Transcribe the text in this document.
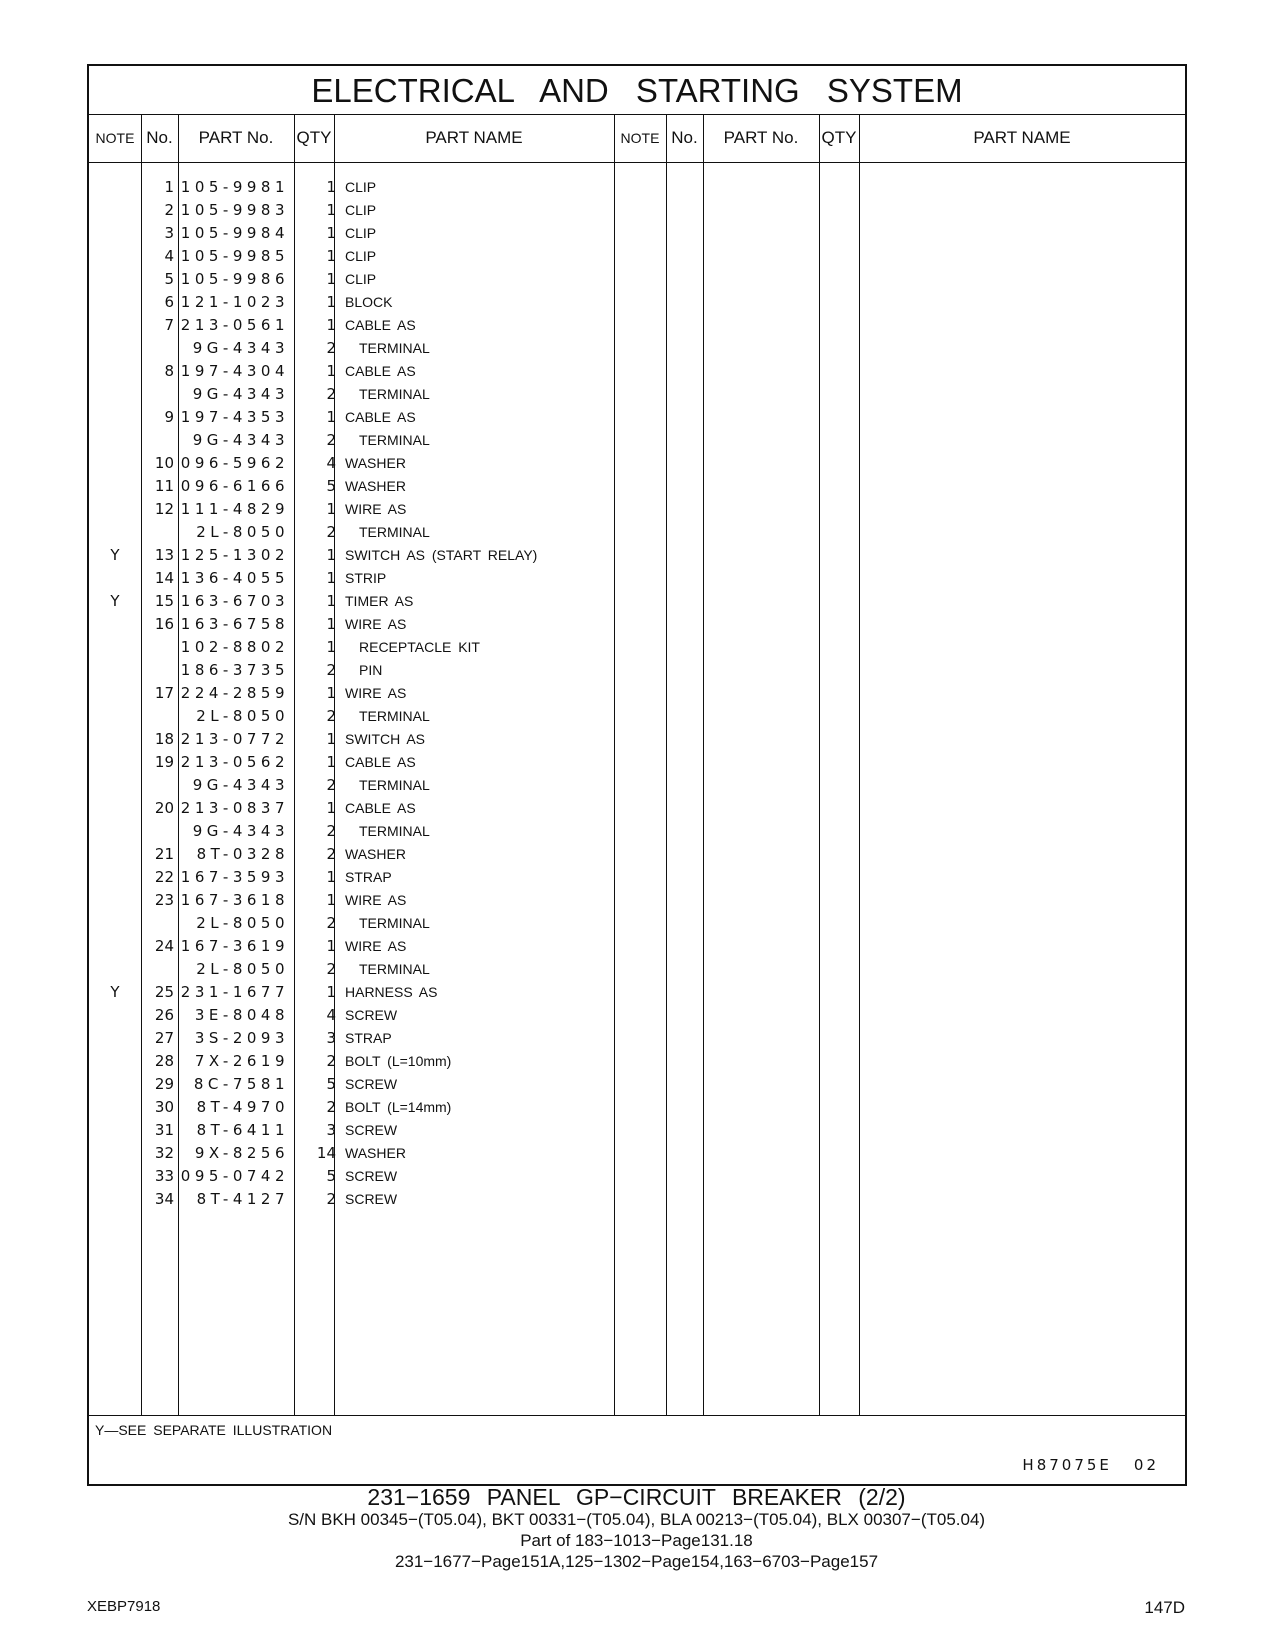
ELECTRICAL AND STARTING SYSTEM
NOTE No.	PART No.	QTY	PART NAME	NOTE No.	PART No.	QTY	PART NAME
1 105-9981	1 CLIP
2 105-9983	1 CLIP
3 105-9984	1 CLIP
4 105-9985	1 CLIP
5 105-9986	1 CLIP
6 121-1023	1 BLOCK
7 213-0561	1 CABLE AS
9G-4343	2	TERMINAL
8 197-4304	1 CABLE AS
9G-4343	2	TERMINAL
9 197-4353	1 CABLE AS
9G-4343	2	TERMINAL
10 096-5962	4 WASHER
11 096-6166	5 WASHER
12 111-4829	1 WIRE AS
2L-8050	2	TERMINAL
Y	13 125-1302	1 SWITCH AS (START RELAY)
14 136-4055	1 STRIP
Y	15 163-6703	1 TIMER AS
16 163-6758	1 WIRE AS
102-8802	1	RECEPTACLE KIT
186-3735	2	PIN
17 224-2859	1 WIRE AS
2L-8050	2	TERMINAL
18 213-0772	1 SWITCH AS
19 213-0562	1 CABLE AS
9G-4343	2	TERMINAL
20 213-0837	1 CABLE AS
9G-4343	2	TERMINAL
21	8T-0328	2 WASHER
22 167-3593	1 STRAP
23 167-3618	1 WIRE AS
2L-8050	2	TERMINAL
24 167-3619	1 WIRE AS
2L-8050	2	TERMINAL
Y	25 231-1677	1 HARNESS AS
26	3E-8048	4 SCREW
27	3S-2093	3 STRAP
28	7X-2619	2 BOLT (L=10mm)
29	8C-7581	5 SCREW
30	8T-4970	2 BOLT (L=14mm)
31	8T-6411	3 SCREW
32	9X-8256	14 WASHER
33 095-0742	5 SCREW
34	8T-4127	2 SCREW
Y—SEE SEPARATE ILLUSTRATION
H87075E 02
231−1659 PANEL GP−CIRCUIT BREAKER (2/2)
S/N BKH 00345−(T05.04), BKT 00331−(T05.04), BLA 00213−(T05.04), BLX 00307−(T05.04)
Part of 183−1013−Page131.18
231−1677−Page151A,125−1302−Page154,163−6703−Page157
XEBP7918	147D
